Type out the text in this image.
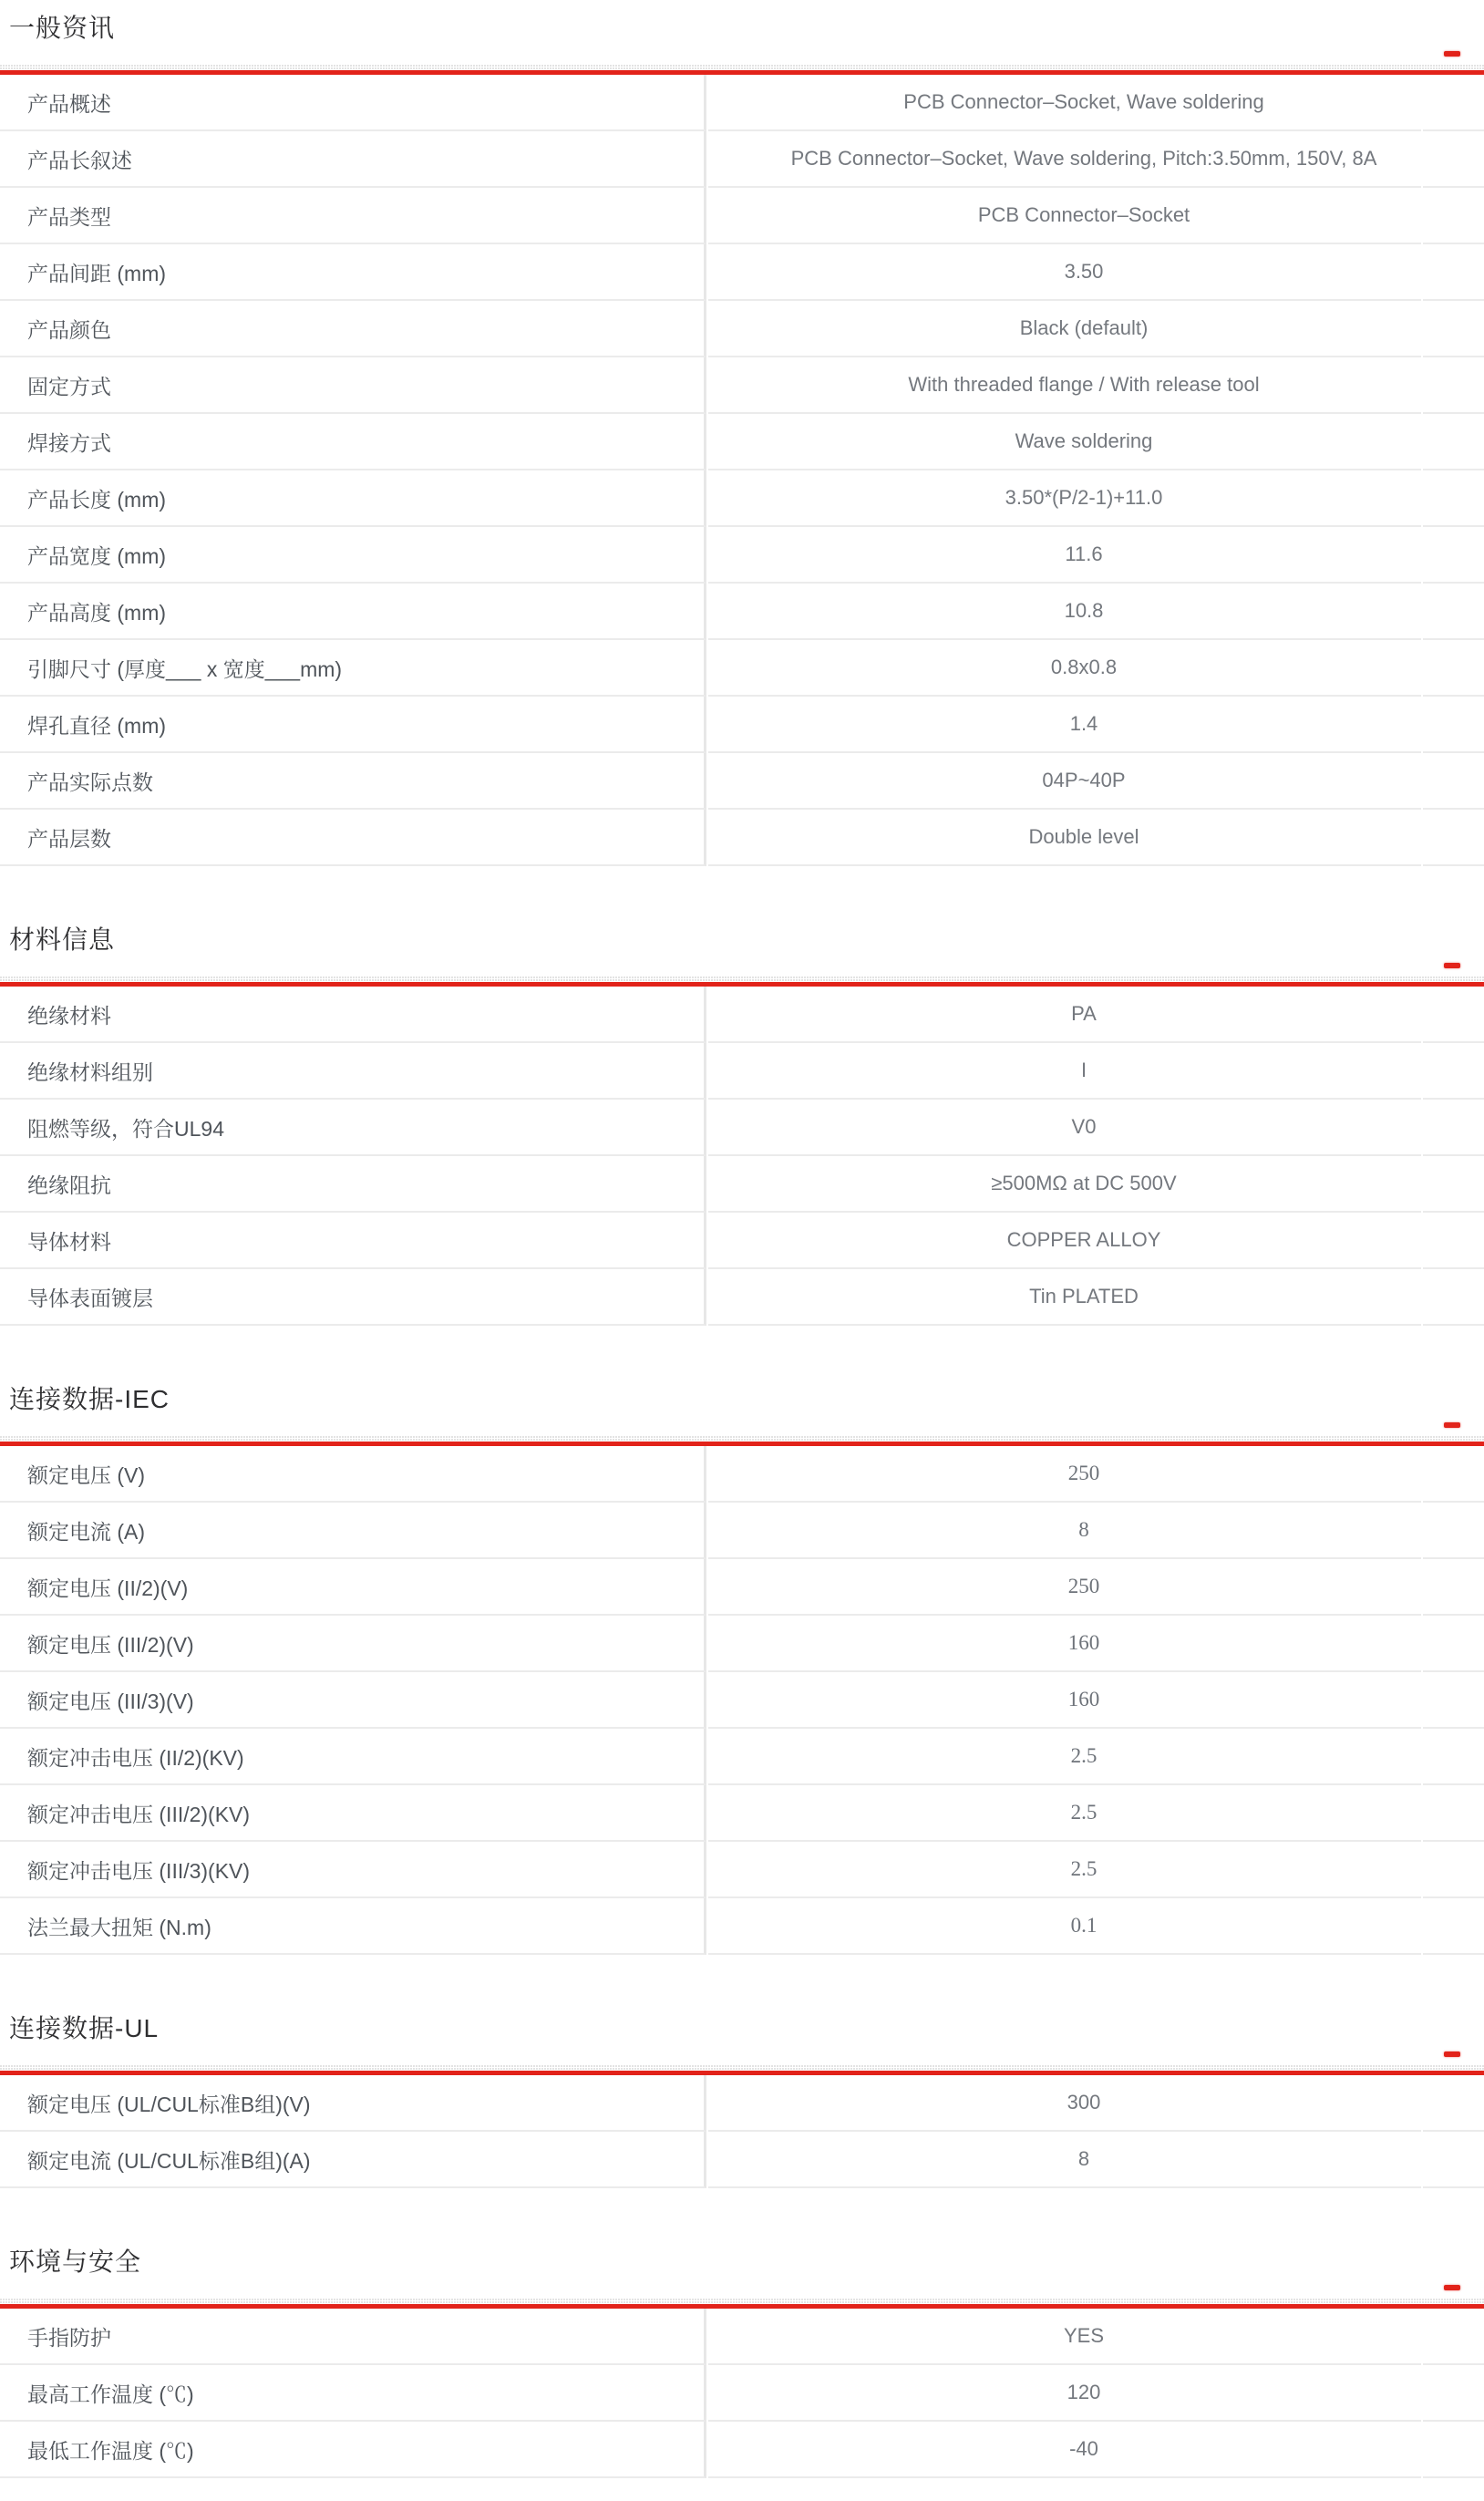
一般资讯
产品概述	PCB Connector–Socket, Wave soldering
产品长叙述	PCB Connector–Socket, Wave soldering, Pitch:3.50mm, 150V, 8A
产品类型	PCB Connector–Socket
产品间距 (mm)	3.50
产品颜色	Black (default)
固定方式	With threaded flange / With release tool
焊接方式	Wave soldering
产品长度 (mm)	3.50*(P/2-1)+11.0
产品宽度 (mm)	11.6
产品高度 (mm)	10.8
引脚尺寸 (厚度___ x 宽度___mm)	0.8x0.8
焊孔直径 (mm)	1.4
产品实际点数	04P~40P
产品层数	Double level
材料信息
绝缘材料	PA
绝缘材料组别	I
阻燃等级，符合UL94	V0
绝缘阻抗	≥500MΩ at DC 500V
导体材料	COPPER ALLOY
导体表面镀层	Tin PLATED
连接数据-IEC
额定电压 (V)	250
额定电流 (A)	8
额定电压 (II/2)(V)	250
额定电压 (III/2)(V)	160
额定电压 (III/3)(V)	160
额定冲击电压 (II/2)(KV)	2.5
额定冲击电压 (III/2)(KV)	2.5
额定冲击电压 (III/3)(KV)	2.5
法兰最大扭矩 (N.m)	0.1
连接数据-UL
额定电压 (UL/CUL标准B组)(V)	300
额定电流 (UL/CUL标准B组)(A)	8
环境与安全
手指防护	YES
最高工作温度 (℃)	120
最低工作温度 (℃)	-40
